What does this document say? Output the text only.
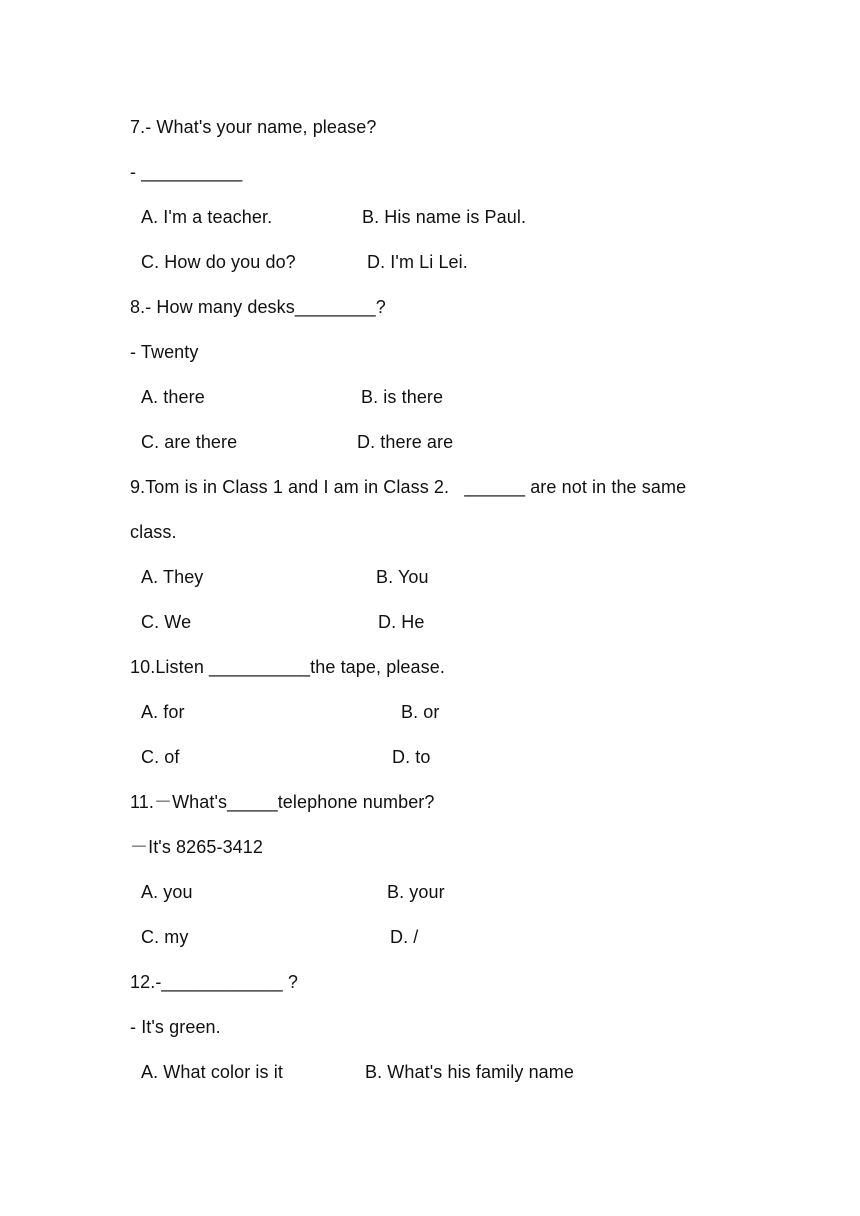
7.- What's your name, please?
- __________
A. I'm a teacher.	B. His name is Paul.
C. How do you do?	D. I'm Li Lei.
8.- How many desks________?
- Twenty
A. there	B. is there
C. are there	D. there are
9.Tom is in Class 1 and I am in Class 2.   ______ are not in the same
class.
A. They	B. You
C. We	D. He
10.Listen __________the tape, please.
A. for	B. or
C. of	D. to
11.－What's_____telephone number?
－It's 8265-3412
A. you	B. your
C. my	D. /
12.-____________ ?
- It's green.
A. What color is it	B. What's his family name
